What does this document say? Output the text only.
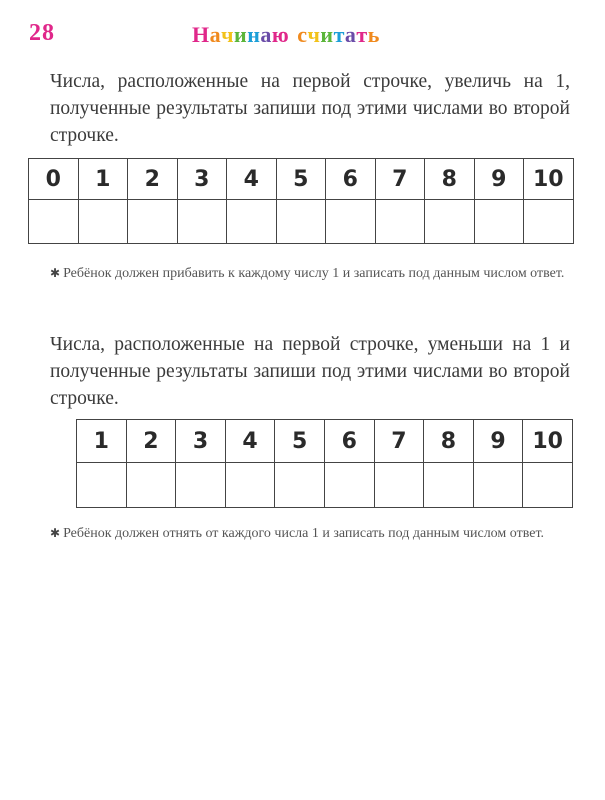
28	Начинаю считать
Числа, расположенные на первой строчке, увеличь на 1, полученные результаты запиши под этими числами во второй строчке.
0	1	2	3	4	5	6	7	8	9	10

✱ Ребёнок должен прибавить к каждому числу 1 и записать под данным числом ответ.
Числа, расположенные на первой строчке, уменьши на 1 и полученные результаты запиши под этими числами во второй строчке.
1	2	3	4	5	6	7	8	9	10

✱ Ребёнок должен отнять от каждого числа 1 и записать под данным числом ответ.
